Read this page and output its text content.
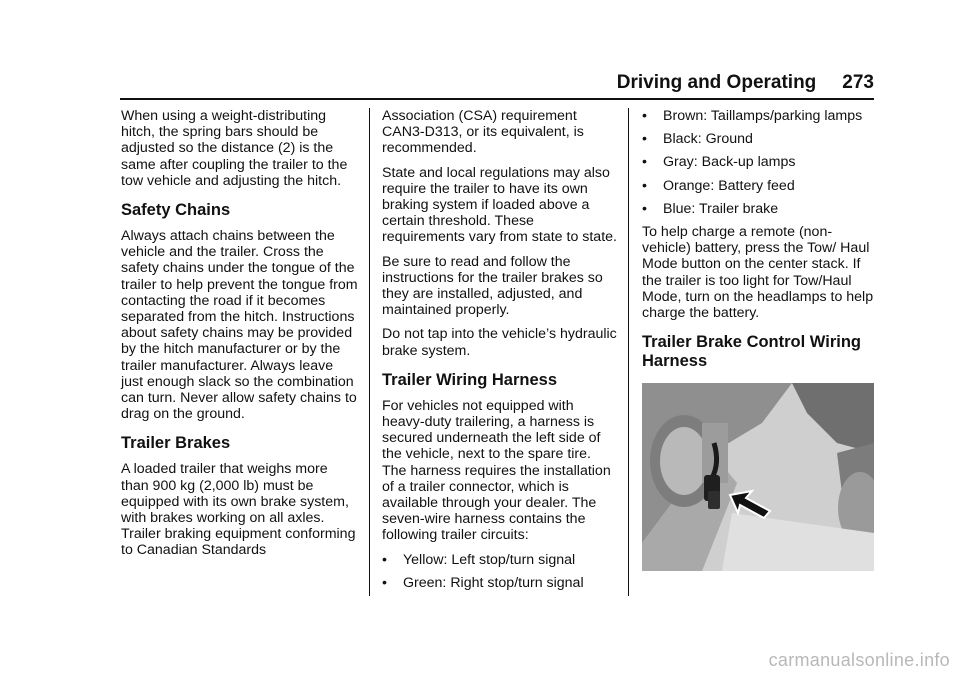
Driving and Operating 273

When using a weight-distributing hitch, the spring bars should be adjusted so the distance (2) is the same after coupling the trailer to the tow vehicle and adjusting the hitch.

Safety Chains

Always attach chains between the vehicle and the trailer. Cross the safety chains under the tongue of the trailer to help prevent the tongue from contacting the road if it becomes separated from the hitch. Instructions about safety chains may be provided by the hitch manufacturer or by the trailer manufacturer. Always leave just enough slack so the combination can turn. Never allow safety chains to drag on the ground.

Trailer Brakes

A loaded trailer that weighs more than 900 kg (2,000 lb) must be equipped with its own brake system, with brakes working on all axles. Trailer braking equipment conforming to Canadian Standards

Association (CSA) requirement CAN3-D313, or its equivalent, is recommended.

State and local regulations may also require the trailer to have its own braking system if loaded above a certain threshold. These requirements vary from state to state.

Be sure to read and follow the instructions for the trailer brakes so they are installed, adjusted, and maintained properly.

Do not tap into the vehicle’s hydraulic brake system.

Trailer Wiring Harness

For vehicles not equipped with heavy-duty trailering, a harness is secured underneath the left side of the vehicle, next to the spare tire. The harness requires the installation of a trailer connector, which is available through your dealer. The seven-wire harness contains the following trailer circuits:

• Yellow: Left stop/turn signal
• Green: Right stop/turn signal
• Brown: Taillamps/parking lamps
• Black: Ground
• Gray: Back-up lamps
• Orange: Battery feed
• Blue: Trailer brake

To help charge a remote (non-vehicle) battery, press the Tow/ Haul Mode button on the center stack. If the trailer is too light for Tow/Haul Mode, turn on the headlamps to help charge the battery.

Trailer Brake Control Wiring Harness
carmanualsonline.info
